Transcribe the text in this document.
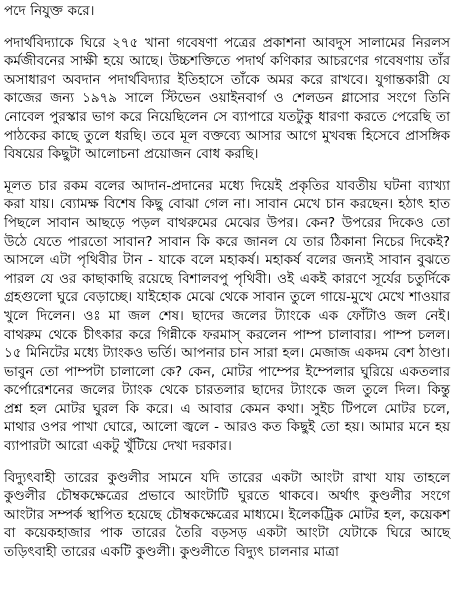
পদে নিযুক্ত করে।

পদার্থবিদ্যাকে ঘিরে ২৭৫ খানা গবেষণা পত্রের প্রকাশনা আবদুস সালামের নিরলস কর্মজীবনের সাক্ষী হয়ে আছে। উচ্চশক্তিতে পদার্থ কণিকার আচরণের গবেষণায় তাঁর অসাধারণ অবদান পদার্থবিদ্যার ইতিহাসে তাঁকে অমর করে রাখবে। যুগান্তকারী যে কাজের জন্য ১৯৭৯ সালে স্টিভেন ওয়াইনবার্গ ও শেলডন গ্লাসোর সংগে তিনি নোবেল পুরস্কার ভাগ করে নিয়েছিলেন সে ব্যাপারে যতটুকু ধারণা করতে পেরেছি তা পাঠকের কাছে তুলে ধরছি। তবে মূল বক্তব্যে আসার আগে মুখবন্ধ হিসেবে প্রাসঙ্গিক বিষয়ের কিছুটা আলোচনা প্রয়োজন বোধ করছি।

মূলত চার রকম বলের আদান-প্রদানের মধ্যে দিয়েই প্রকৃতির যাবতীয় ঘটনা ব্যাখ্যা করা যায়। ব্যোমক্ষ বিশেষ কিছু বোঝা গেল না। সাবান মেখে চান করছেন। হঠাৎ হাত পিছলে সাবান আছড়ে পড়ল বাথরুমের মেঝের উপর। কেন? উপরের দিকেও তো উঠে যেতে পারতো সাবান? সাবান কি করে জানল যে তার ঠিকানা নিচের দিকেই? আসলে এটা পৃথিবীর টান - যাকে বলে মহাকর্ষ। মহাকর্ষ বলের জন্যই সাবান বুঝতে পারল যে ওর কাছাকাছি রয়েছে বিশালবপু পৃথিবী। ওই একই কারণে সূর্যের চতুর্দিকে গ্রহগুলো ঘুরে বেড়াচ্ছে। যাইহোক মেঝে থেকে সাবান তুলে গায়ে-মুখে মেখে শাওয়ার খুলে দিলেন। ওঃ মা জল শেষ। ছাদের জলের ট্যাংকে এক ফোঁটাও জল নেই। বাথরুম থেকে চীৎকার করে গিন্নীকে ফরমাস্‌ করলেন পাম্প চালাবার। পাম্প চলল। ১৫ মিনিটের মধ্যে ট্যাংকও ভর্তি। আপনার চান সারা হল। মেজাজ একদম বেশ ঠাণ্ডা। ভাবুন তো পাম্পটা চালালো কে? কেন, মোটর পাম্পের ইম্পেলার ঘুরিয়ে একতলার কর্পোরেশনের জলের ট্যাংক থেকে চারতলার ছাদের ট্যাংকে জল তুলে দিল। কিন্তু প্রশ্ন হল মোটর ঘুরল কি করে। এ আবার কেমন কথা। সুইচ টিপলে মোটর চলে, মাথার ওপর পাখা ঘোরে, আলো জ্বলে - আরও কত কিছুই তো হয়। আমার মনে হয় ব্যাপারটা আরো একটু খুঁটিয়ে দেখা দরকার।

বিদ্যুৎবাহী তারের কুণ্ডলীর সামনে যদি তারের একটা আংটা রাখা যায় তাহলে কুণ্ডলীর চৌম্বকক্ষেত্রের প্রভাবে আংটাটি ঘুরতে থাকবে। অর্থাৎ কুণ্ডলীর সংগে আংটার সম্পর্ক স্থাপিত হয়েছে চৌম্বকক্ষেত্রের মাধ্যমে। ইলেকট্রিক মোটর হল, কয়েকশ বা কয়েকহাজার পাক তারের তৈরি বড়সড় একটা আংটা যেটাকে ঘিরে আছে তড়িৎবাহী তারের একটি কুণ্ডলী। কুণ্ডলীতে বিদ্যুৎ চালনার মাত্রা
